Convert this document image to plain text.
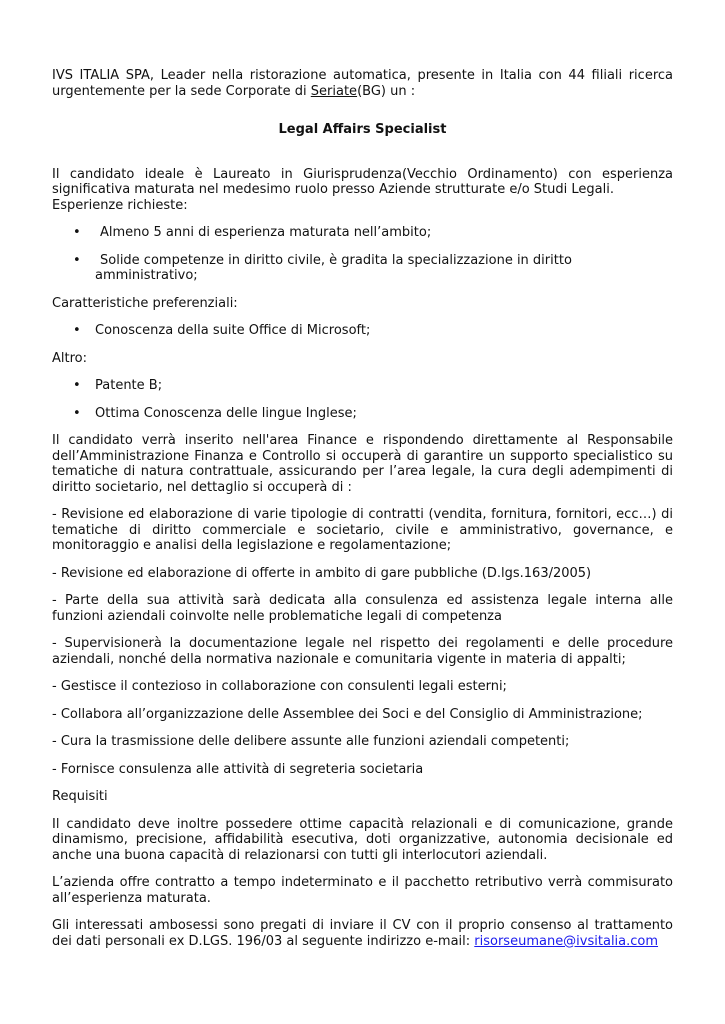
IVS ITALIA SPA, Leader nella ristorazione automatica, presente in Italia con 44 filiali ricerca urgentemente per la sede Corporate di Seriate(BG) un :

Legal Affairs Specialist

Il candidato ideale è Laureato in Giurisprudenza(Vecchio Ordinamento) con esperienza significativa maturata nel medesimo ruolo presso Aziende strutturate e/o Studi Legali.

Esperienze richieste:

• Almeno 5 anni di esperienza maturata nell’ambito;
• Solide competenze in diritto civile, è gradita la specializzazione in diritto amministrativo;

Caratteristiche preferenziali:

• Conoscenza della suite Office di Microsoft;

Altro:

• Patente B;
• Ottima Conoscenza delle lingue Inglese;

Il candidato verrà inserito nell'area Finance e rispondendo direttamente al Responsabile dell’Amministrazione Finanza e Controllo si occuperà di garantire un supporto specialistico su tematiche di natura contrattuale, assicurando per l’area legale, la cura degli adempimenti di diritto societario, nel dettaglio si occuperà di :

- Revisione ed elaborazione di varie tipologie di contratti (vendita, fornitura, fornitori, ecc…) di tematiche di diritto commerciale e societario, civile e amministrativo, governance, e monitoraggio e analisi della legislazione e regolamentazione;

- Revisione ed elaborazione di offerte in ambito di gare pubbliche (D.lgs.163/2005)

- Parte della sua attività sarà dedicata alla consulenza ed assistenza legale interna alle funzioni aziendali coinvolte nelle problematiche legali di competenza

- Supervisionerà la documentazione legale nel rispetto dei regolamenti e delle procedure aziendali, nonché della normativa nazionale e comunitaria vigente in materia di appalti;

- Gestisce il contezioso in collaborazione con consulenti legali esterni;

- Collabora all’organizzazione delle Assemblee dei Soci e del Consiglio di Amministrazione;

- Cura la trasmissione delle delibere assunte alle funzioni aziendali competenti;

- Fornisce consulenza alle attività di segreteria societaria

Requisiti

Il candidato deve inoltre possedere ottime capacità relazionali e di comunicazione, grande dinamismo, precisione, affidabilità esecutiva, doti organizzative, autonomia decisionale ed anche una buona capacità di relazionarsi con tutti gli interlocutori aziendali.

L’azienda offre contratto a tempo indeterminato e il pacchetto retributivo verrà commisurato all’esperienza maturata.

Gli interessati ambosessi sono pregati di inviare il CV con il proprio consenso al trattamento dei dati personali ex D.LGS. 196/03 al seguente indirizzo e-mail: risorseumane@ivsitalia.com
